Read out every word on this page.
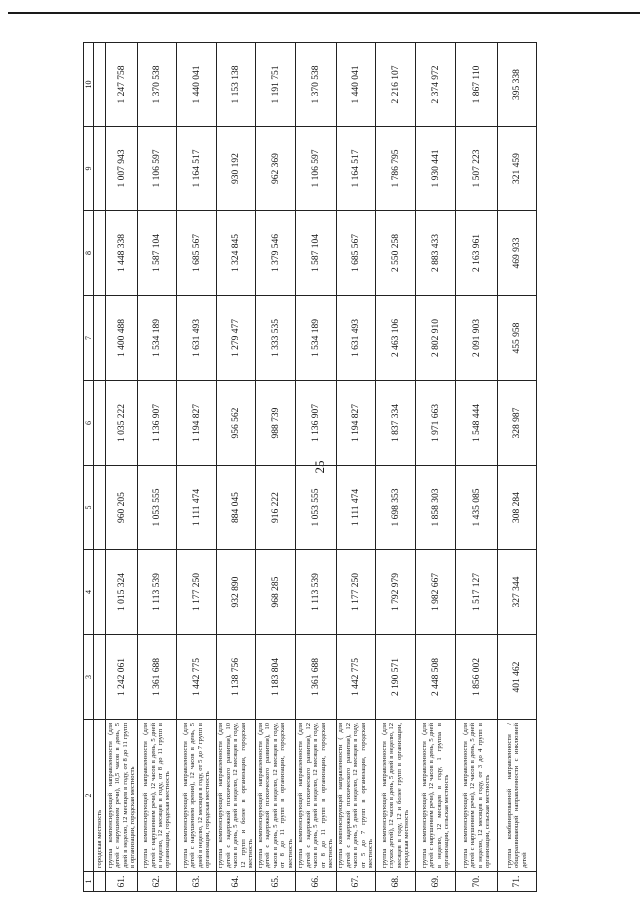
25
1	2	3	4	5	6	7	8	9	10
	городская местность								
61.	группа компенсирующей направленности (для детей с нарушением речи), 10,5 часов в день, 5 дней в неделю, 12 месяцев в году, от 8 до 11 групп в организации, городская местность	1 242 061	1 015 324	960 205	1 035 222	1 400 488	1 448 338	1 007 943	1 247 758
62.	группа компенсирующей направленности (для детей с нарушением речи), 12 часов в день, 5 дней в неделю, 12 месяцев в году, от 8 до 11 групп в организации, городская местность	1 361 688	1 113 539	1 053 555	1 136 907	1 534 189	1 587 104	1 106 597	1 370 538
63.	группа компенсирующей направленности (для детей с нарушением зрения), 12 часов в день, 5 дней в неделю, 12 месяцев в году, от 5 до 7 групп в организации, городская местность	1 442 775	1 177 250	1 111 474	1 194 827	1 631 493	1 685 567	1 164 517	1 440 041
64.	группа компенсирующей направленности (для детей с задержкой психического развития), 10 часов в день, 5 дней в неделю, 12 месяцев в году, 12 групп и более в организации, городская местность	1 138 756	932 890	884 045	956 562	1 279 477	1 324 845	930 192	1 153 138
65.	группа компенсирующей направленности (для детей с задержкой психического развития), 10 часов в день, 5 дней в неделю, 12 месяцев в году, от 8 до 11 групп в организации, городская местность	1 183 804	968 285	916 222	988 739	1 333 535	1 379 546	962 369	1 191 751
66.	группа компенсирующей направленности (для детей с задержкой психического развития), 12 часов в день, 5 дней в неделю, 12 месяцев в году, от 8 до 11 групп в организации, городская местность	1 361 688	1 113 539	1 053 555	1 136 907	1 534 189	1 587 104	1 106 597	1 370 538
67.	группа компенсирующей направленности ( для детей с задержкой психического развития), 12 часов в день, 5 дней в неделю, 12 месяцев в году, от 5 до 7 групп в организации, городская местность	1 442 775	1 177 250	1 111 474	1 194 827	1 631 493	1 685 567	1 164 517	1 440 041
68.	группа компенсирующей направленности (для глухих детей), 12 часов в день, 5 дней в неделю, 12 месяцев в году, 12 и более групп в организации, городская местность	2 190 571	1 792 979	1 698 353	1 837 334	2 463 106	2 550 258	1 786 795	2 216 107
69.	группа компенсирующей направленности (для детей с нарушением речи), 12 часов в день, 5 дней в неделю, 12 месяцев в году, 1 группа в организации, сельская местность	2 448 508	1 982 667	1 858 303	1 971 663	2 802 910	2 883 433	1 930 441	2 374 972
70.	группа компенсирующей направленности (для детей с нарушением речи), 12 часов в день, 5 дней в неделю, 12 месяцев в году, от 3 до 4 групп в организации, сельская местность	1 856 002	1 517 127	1 435 085	1 548 444	2 091 903	2 163 961	1 507 223	1 867 110
71.	группа комбинированной направленности / общеразвивающей направленности с инклюзией детей	401 462	327 344	308 284	328 987	455 958	469 933	321 459	395 338
